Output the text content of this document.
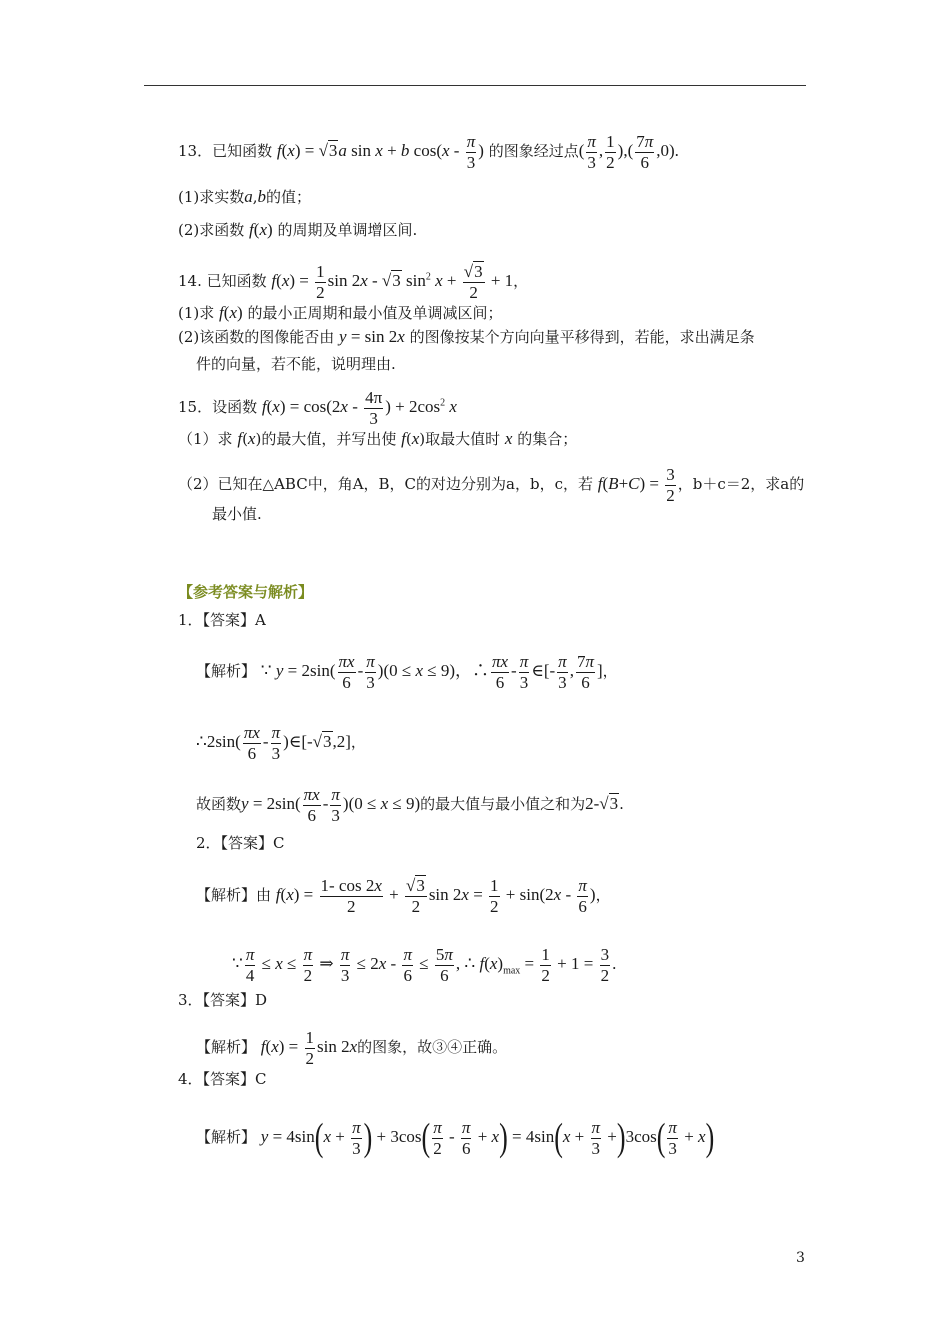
13．已知函数 f(x) = √3a sin x + b $\cos(x - \frac{\pi}{3}$ ) 的图象经过点( $\frac{\pi}{3}$ , $\frac{1}{2}$ ),( $\frac{7\pi}{6} ,0$).
(1)求实数a,b的值；
(2)求函数 f(x) 的周期及单调增区间.
14. 已知函数 $f(x) = \frac{1}{2}$ sin 2x - √3 $\sin^2 x + \frac{√3}{2} + 1$，
(1)求 f(x) 的最小正周期和最小值及单调减区间；
(2)该函数的图像能否由 y = sin 2x 的图像按某个方向向量平移得到，若能，求出满足条
件的向量，若不能，说明理由.
15．设函数 $f(x) = \cos(2x - \frac{4\pi}{3}$ ) + $2\cos^2$ x
（1）求 f(x)的最大值，并写出使 f(x)取最大值时 x 的集合；
（2）已知在△ABC中，角A，B，C的对边分别为a，b，c，若 $f(B+C) = \frac{3}{2}$ ，b＋c＝2，求a的
最小值.
【参考答案与解析】
1．【答案】A
【解析】 ∵ $y = 2\sin( \frac{\pi x}{6} - \frac{\pi}{3} )(0 \le x \le 9)$，∴ $\frac{\pi x}{6} - \frac{\pi}{3}$ ∈[- $\frac{\pi}{3}$ , $\frac{7\pi}{6}$ ]，
∴2sin( $\frac{\pi x}{6} - \frac{\pi}{3}$ )∈[-√3,2]，
故函数$y = 2\sin( \frac{\pi x}{6} - \frac{\pi}{3} )(0 \le x \le 9)$的最大值与最小值之和为2-√3.
2．【答案】C
【解析】由 $f(x) = \frac{1- \cos 2x}{2} + \frac{√3}{2}$ $\sin 2x = \frac{1}{2} + \sin(2x - \frac{\pi}{6}$ )，
∵ $\frac{\pi}{4} \le x \le \frac{\pi}{2}$ ⇒ $\frac{\pi}{3} \le 2x - \frac{\pi}{6} \le \frac{5\pi}{6}$ , ∴ $f(x)_{max} = \frac{1}{2} + 1 = \frac{3}{2}$ .
3．【答案】D
【解析】 $f(x) = \frac{1}{2}$ sin 2x的图象，故③④正确。
4．【答案】C
【解析】 $y = 4\sin(x + \frac{\pi}{3}$ ) + $3\cos( \frac{\pi}{2} - \frac{\pi}{6} + x) = 4\sin(x + \frac{\pi}{3} +)3\cos( \frac{\pi}{3} + x)$
3
